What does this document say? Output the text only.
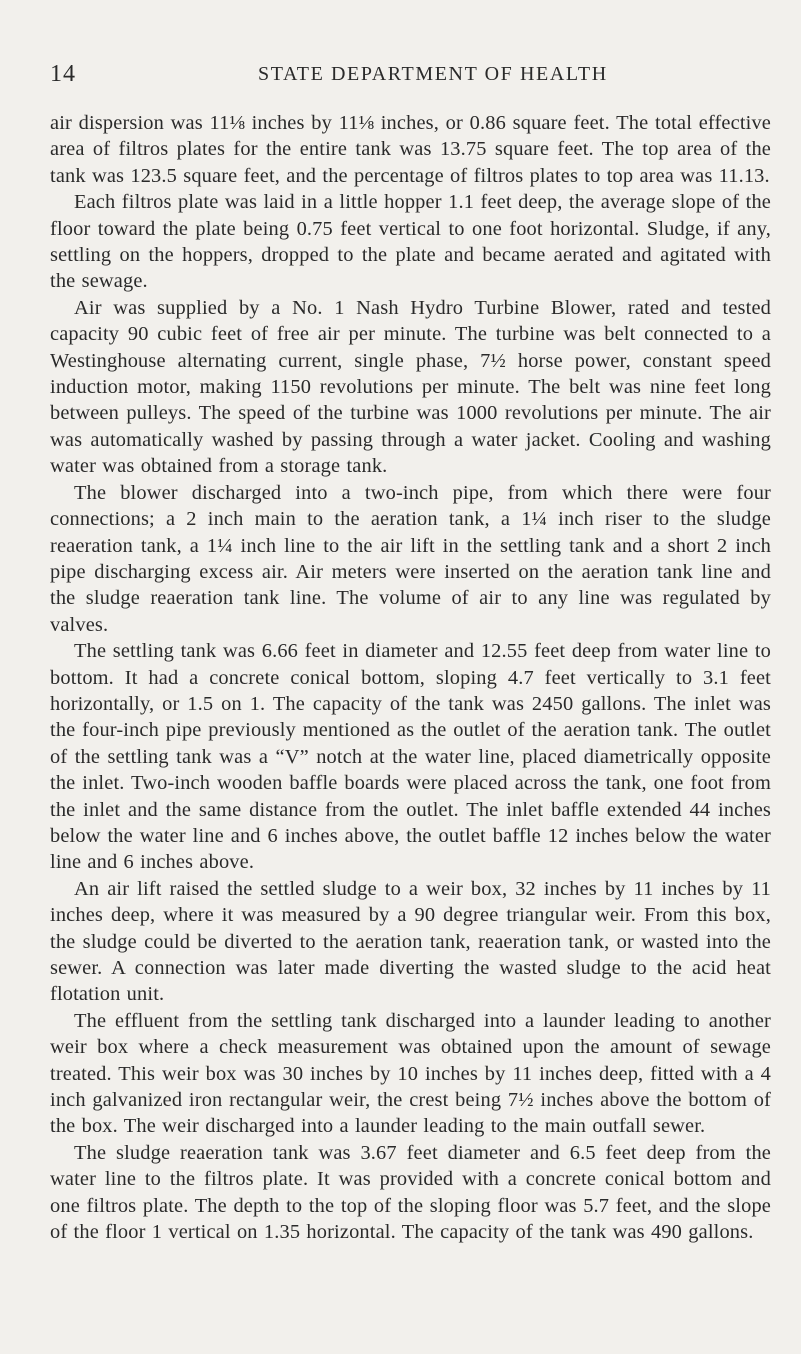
14	STATE DEPARTMENT OF HEALTH

air dispersion was 11⅛ inches by 11⅛ inches, or 0.86 square feet. The total effective area of filtros plates for the entire tank was 13.75 square feet. The top area of the tank was 123.5 square feet, and the percentage of filtros plates to top area was 11.13.

Each filtros plate was laid in a little hopper 1.1 feet deep, the average slope of the floor toward the plate being 0.75 feet vertical to one foot horizontal. Sludge, if any, settling on the hoppers, dropped to the plate and became aerated and agitated with the sewage.

Air was supplied by a No. 1 Nash Hydro Turbine Blower, rated and tested capacity 90 cubic feet of free air per minute. The turbine was belt connected to a Westinghouse alternating current, single phase, 7½ horse power, constant speed induction motor, making 1150 revolutions per minute. The belt was nine feet long between pulleys. The speed of the turbine was 1000 revolutions per minute. The air was automatically washed by passing through a water jacket. Cooling and washing water was obtained from a storage tank.

The blower discharged into a two-inch pipe, from which there were four connections; a 2 inch main to the aeration tank, a 1¼ inch riser to the sludge reaeration tank, a 1¼ inch line to the air lift in the settling tank and a short 2 inch pipe discharging excess air. Air meters were inserted on the aeration tank line and the sludge reaeration tank line. The volume of air to any line was regulated by valves.

The settling tank was 6.66 feet in diameter and 12.55 feet deep from water line to bottom. It had a concrete conical bottom, sloping 4.7 feet vertically to 3.1 feet horizontally, or 1.5 on 1. The capacity of the tank was 2450 gallons. The inlet was the four-inch pipe previously mentioned as the outlet of the aeration tank. The outlet of the settling tank was a “V” notch at the water line, placed diametrically opposite the inlet. Two-inch wooden baffle boards were placed across the tank, one foot from the inlet and the same distance from the outlet. The inlet baffle extended 44 inches below the water line and 6 inches above, the outlet baffle 12 inches below the water line and 6 inches above.

An air lift raised the settled sludge to a weir box, 32 inches by 11 inches by 11 inches deep, where it was measured by a 90 degree triangular weir. From this box, the sludge could be diverted to the aeration tank, reaeration tank, or wasted into the sewer. A connection was later made diverting the wasted sludge to the acid heat flotation unit.

The effluent from the settling tank discharged into a launder leading to another weir box where a check measurement was obtained upon the amount of sewage treated. This weir box was 30 inches by 10 inches by 11 inches deep, fitted with a 4 inch galvanized iron rectangular weir, the crest being 7½ inches above the bottom of the box. The weir discharged into a launder leading to the main outfall sewer.

The sludge reaeration tank was 3.67 feet diameter and 6.5 feet deep from the water line to the filtros plate. It was provided with a concrete conical bottom and one filtros plate. The depth to the top of the sloping floor was 5.7 feet, and the slope of the floor 1 vertical on 1.35 horizontal. The capacity of the tank was 490 gallons.
